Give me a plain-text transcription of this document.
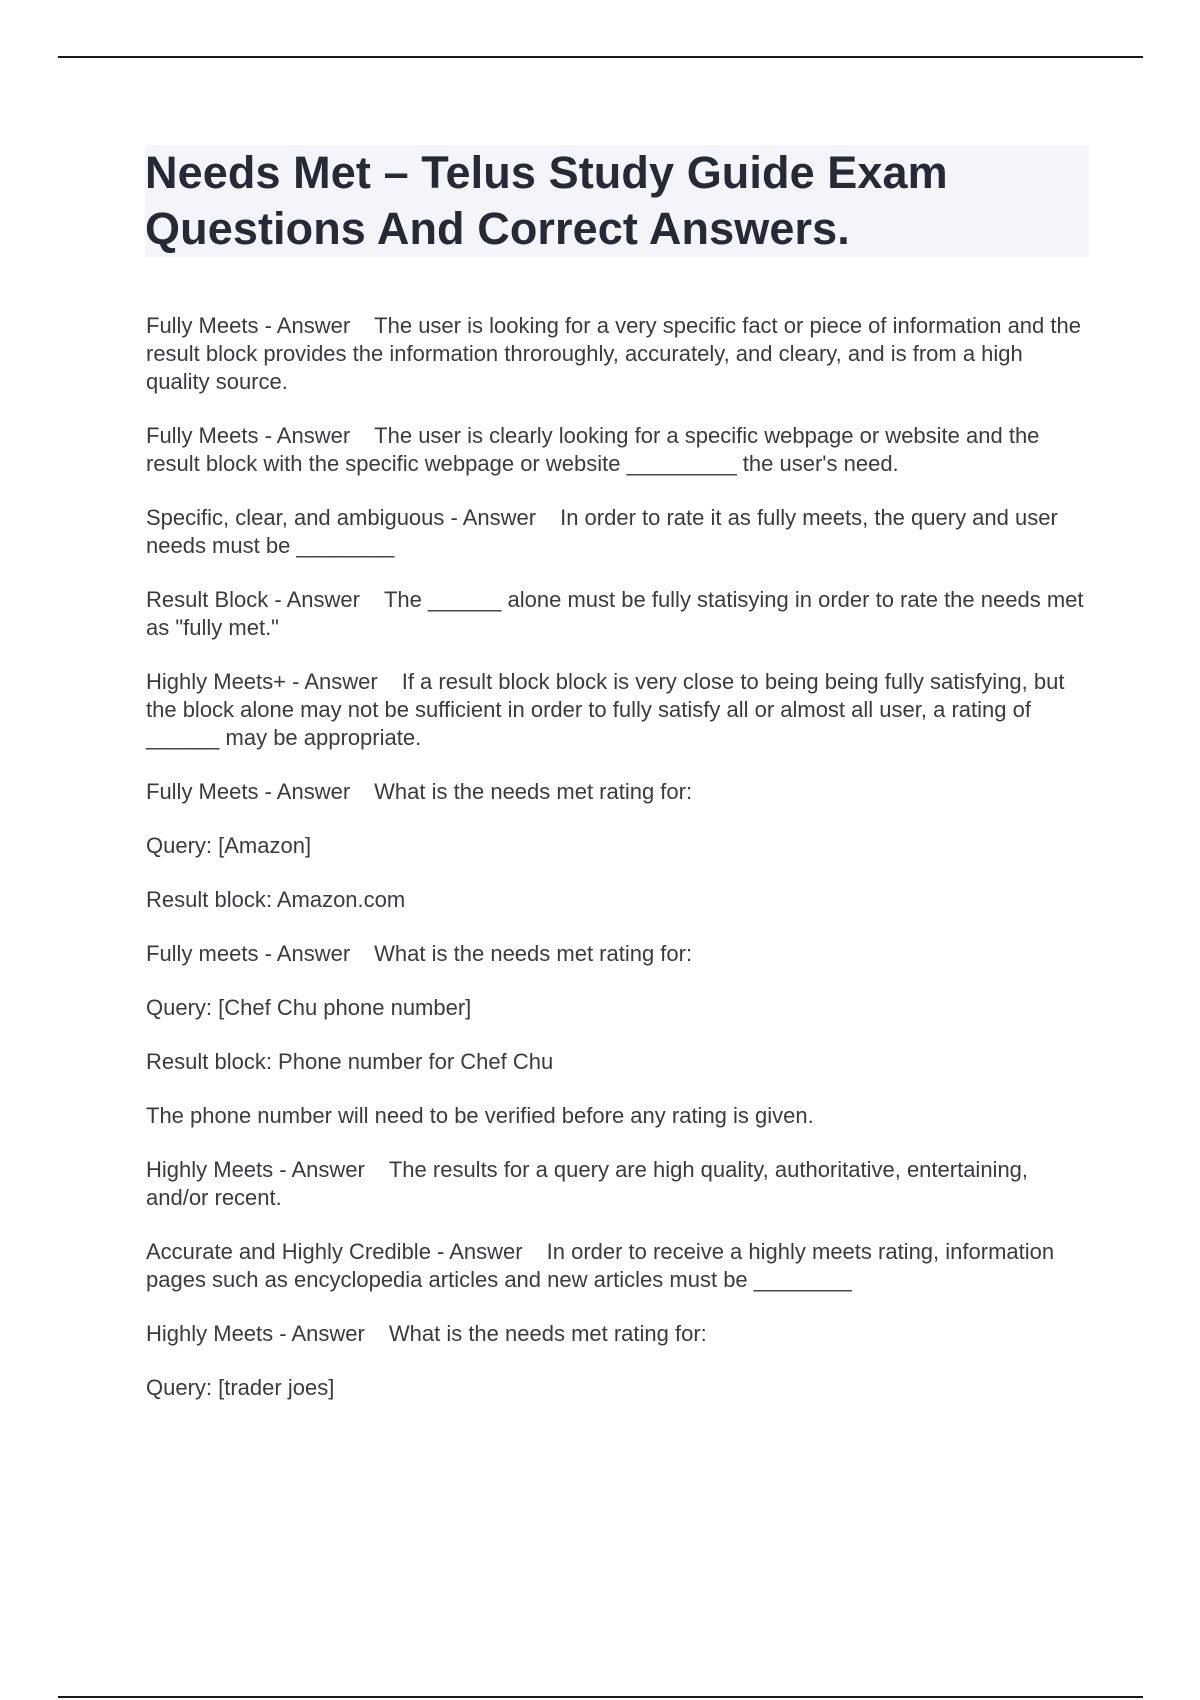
Needs Met – Telus Study Guide Exam
Questions And Correct Answers.

Fully Meets - Answer The user is looking for a very specific fact or piece of information and the result block provides the information throroughly, accurately, and cleary, and is from a high quality source.

Fully Meets - Answer The user is clearly looking for a specific webpage or website and the result block with the specific webpage or website _________ the user's need.

Specific, clear, and ambiguous - Answer In order to rate it as fully meets, the query and user needs must be ________

Result Block - Answer The ______ alone must be fully statisying in order to rate the needs met as "fully met."

Highly Meets+ - Answer If a result block block is very close to being being fully satisfying, but the block alone may not be sufficient in order to fully satisfy all or almost all user, a rating of ______ may be appropriate.

Fully Meets - Answer What is the needs met rating for:

Query: [Amazon]

Result block: Amazon.com

Fully meets - Answer What is the needs met rating for:

Query: [Chef Chu phone number]

Result block: Phone number for Chef Chu

The phone number will need to be verified before any rating is given.

Highly Meets - Answer The results for a query are high quality, authoritative, entertaining, and/or recent.

Accurate and Highly Credible - Answer In order to receive a highly meets rating, information pages such as encyclopedia articles and new articles must be ________

Highly Meets - Answer What is the needs met rating for:

Query: [trader joes]
